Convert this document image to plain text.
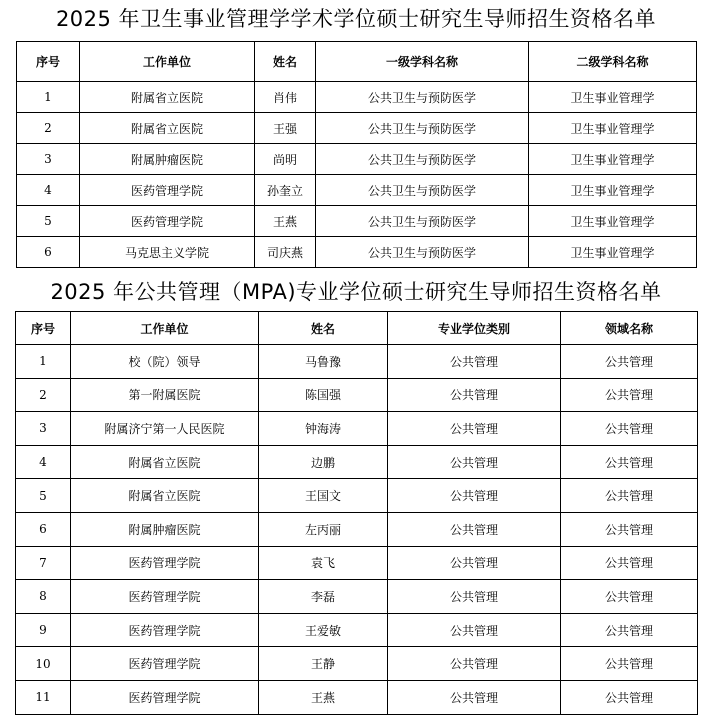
2025 年卫生事业管理学学术学位硕士研究生导师招生资格名单
序号	工作单位	姓名	一级学科名称	二级学科名称
1	附属省立医院	肖伟	公共卫生与预防医学	卫生事业管理学
2	附属省立医院	王强	公共卫生与预防医学	卫生事业管理学
3	附属肿瘤医院	尚明	公共卫生与预防医学	卫生事业管理学
4	医药管理学院	孙奎立	公共卫生与预防医学	卫生事业管理学
5	医药管理学院	王燕	公共卫生与预防医学	卫生事业管理学
6	马克思主义学院	司庆燕	公共卫生与预防医学	卫生事业管理学
2025 年公共管理（MPA)专业学位硕士研究生导师招生资格名单
序号	工作单位	姓名	专业学位类别	领域名称
1	校（院）领导	马鲁豫	公共管理	公共管理
2	第一附属医院	陈国强	公共管理	公共管理
3	附属济宁第一人民医院	钟海涛	公共管理	公共管理
4	附属省立医院	边鹏	公共管理	公共管理
5	附属省立医院	王国文	公共管理	公共管理
6	附属肿瘤医院	左丙丽	公共管理	公共管理
7	医药管理学院	袁飞	公共管理	公共管理
8	医药管理学院	李磊	公共管理	公共管理
9	医药管理学院	王爱敏	公共管理	公共管理
10	医药管理学院	王静	公共管理	公共管理
11	医药管理学院	王燕	公共管理	公共管理
